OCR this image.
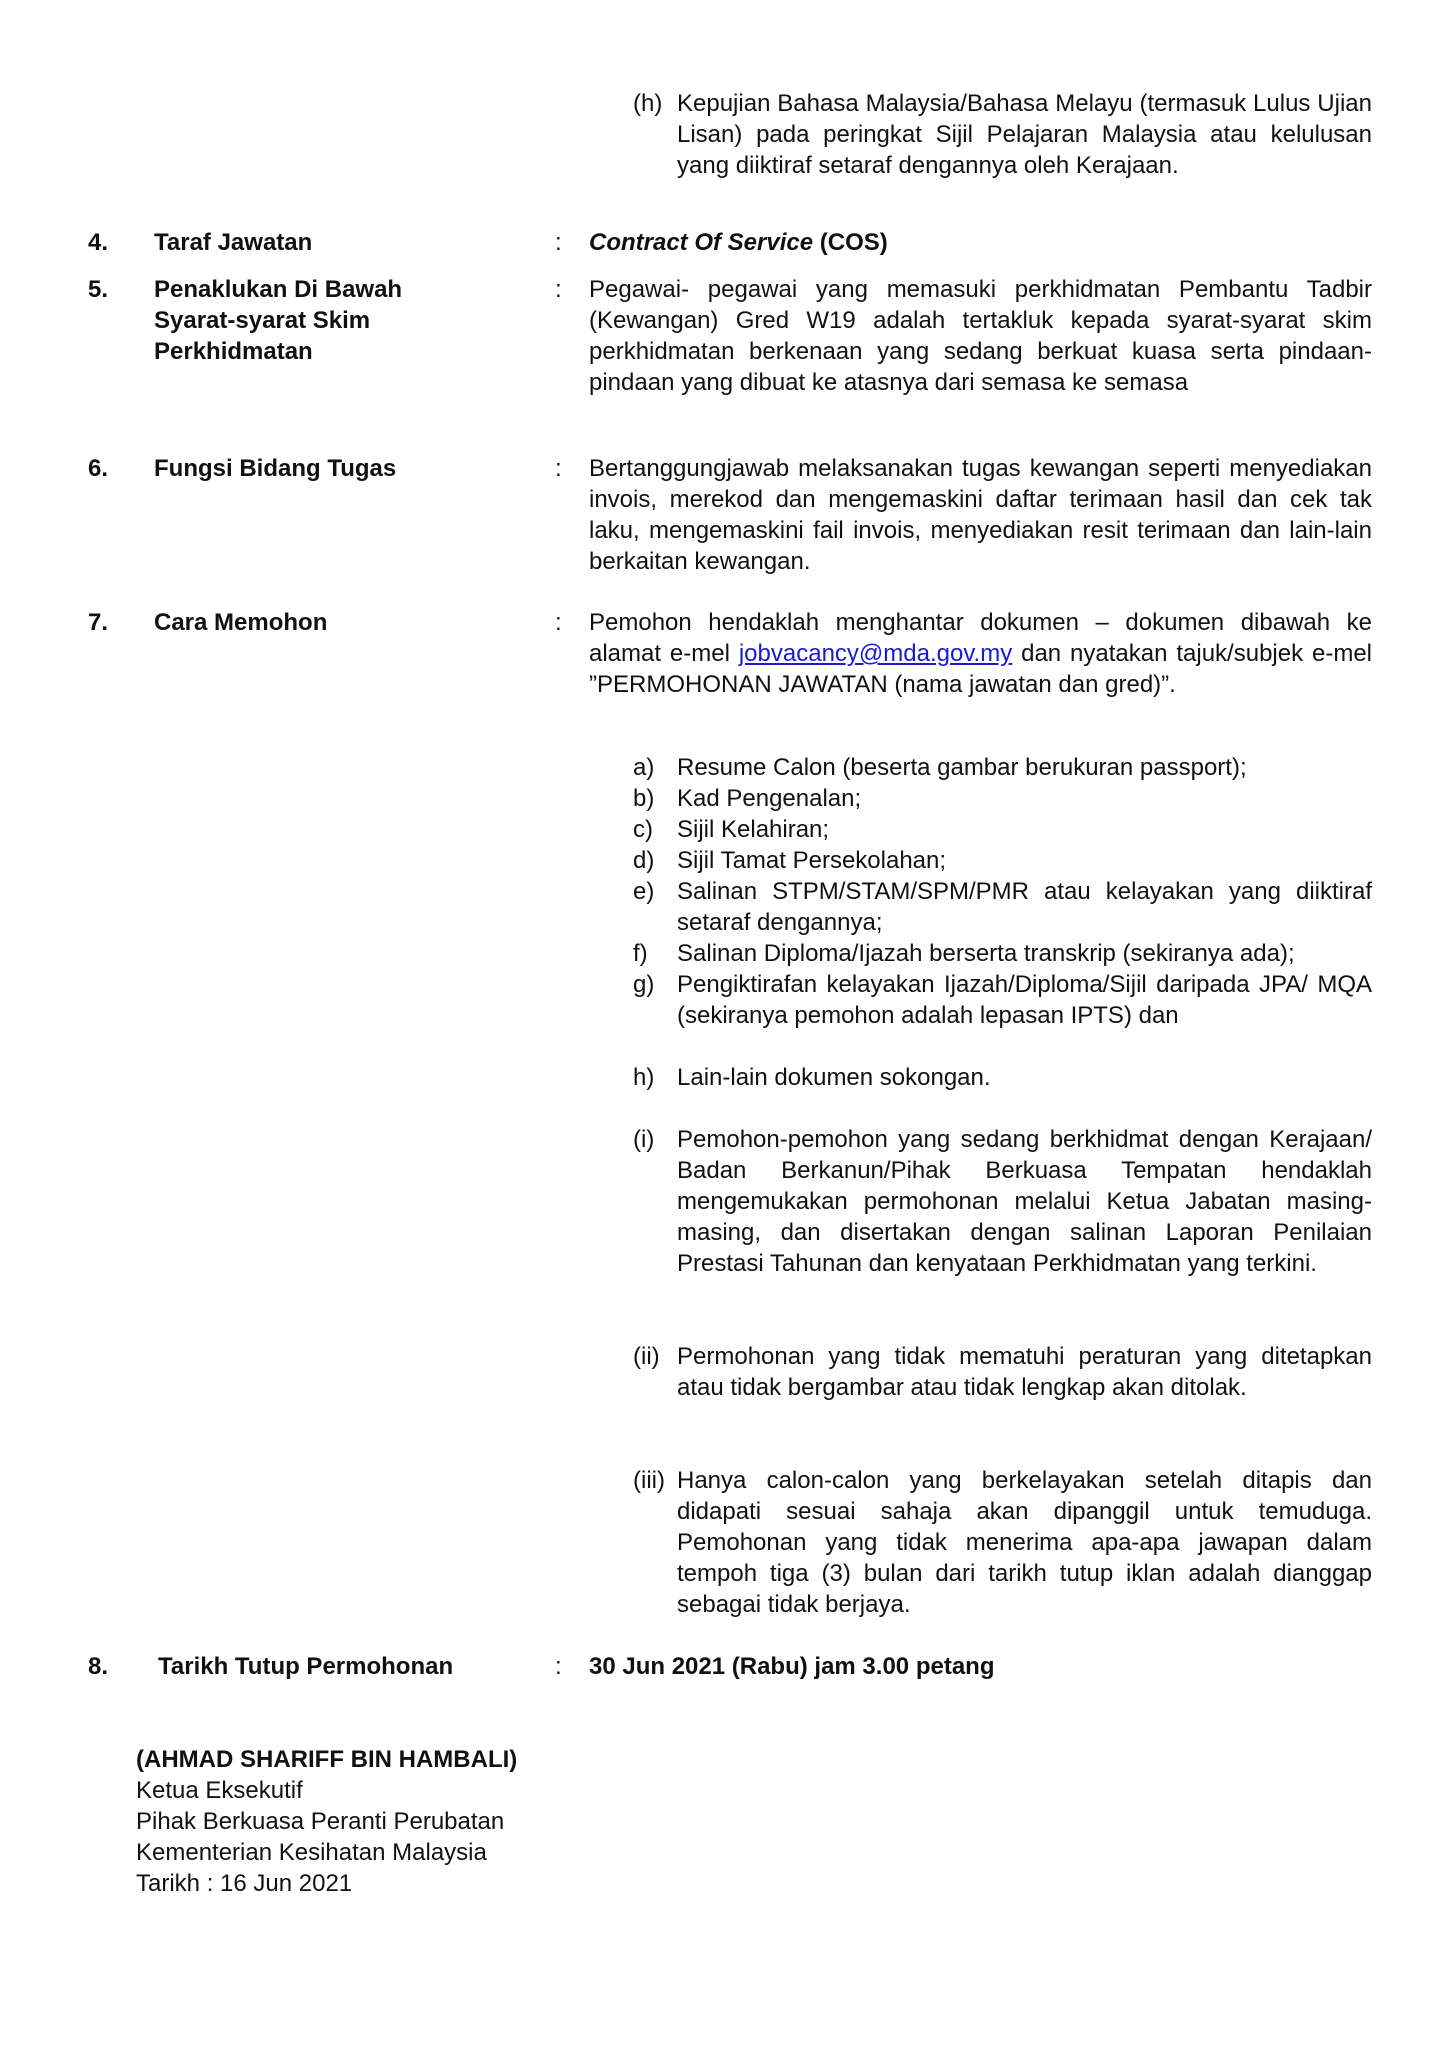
(h) Kepujian Bahasa Malaysia/Bahasa Melayu (termasuk Lulus Ujian Lisan) pada peringkat Sijil Pelajaran Malaysia atau kelulusan yang diiktiraf setaraf dengannya oleh Kerajaan.
4. Taraf Jawatan	: Contract Of Service (COS)
5. Penaklukan Di Bawah Syarat-syarat Skim Perkhidmatan
: Pegawai- pegawai yang memasuki perkhidmatan Pembantu Tadbir (Kewangan) Gred W19 adalah tertakluk kepada syarat-syarat skim perkhidmatan berkenaan yang sedang berkuat kuasa serta pindaan-pindaan yang dibuat ke atasnya dari semasa ke semasa
6. Fungsi Bidang Tugas	: Bertanggungjawab melaksanakan tugas kewangan seperti menyediakan invois, merekod dan mengemaskini daftar terimaan hasil dan cek tak laku, mengemaskini fail invois, menyediakan resit terimaan dan lain-lain berkaitan kewangan.
7. Cara Memohon	: Pemohon hendaklah menghantar dokumen – dokumen dibawah ke alamat e-mel jobvacancy@mda.gov.my dan nyatakan tajuk/subjek e-mel ”PERMOHONAN JAWATAN (nama jawatan dan gred)”.
a) Resume Calon (beserta gambar berukuran passport);
b) Kad Pengenalan;
c) Sijil Kelahiran;
d) Sijil Tamat Persekolahan;
e) Salinan STPM/STAM/SPM/PMR atau kelayakan yang diiktiraf setaraf dengannya;
f) Salinan Diploma/Ijazah berserta transkrip (sekiranya ada);
g) Pengiktirafan kelayakan Ijazah/Diploma/Sijil daripada JPA/ MQA (sekiranya pemohon adalah lepasan IPTS) dan
h) Lain-lain dokumen sokongan.
(i) Pemohon-pemohon yang sedang berkhidmat dengan Kerajaan/ Badan Berkanun/Pihak Berkuasa Tempatan hendaklah mengemukakan permohonan melalui Ketua Jabatan masing-masing, dan disertakan dengan salinan Laporan Penilaian Prestasi Tahunan dan kenyataan Perkhidmatan yang terkini.
(ii) Permohonan yang tidak mematuhi peraturan yang ditetapkan atau tidak bergambar atau tidak lengkap akan ditolak.
(iii) Hanya calon-calon yang berkelayakan setelah ditapis dan didapati sesuai sahaja akan dipanggil untuk temuduga. Pemohonan yang tidak menerima apa-apa jawapan dalam tempoh tiga (3) bulan dari tarikh tutup iklan adalah dianggap sebagai tidak berjaya.
8. Tarikh Tutup Permohonan	: 30 Jun 2021 (Rabu) jam 3.00 petang
(AHMAD SHARIFF BIN HAMBALI)
Ketua Eksekutif
Pihak Berkuasa Peranti Perubatan
Kementerian Kesihatan Malaysia
Tarikh : 16 Jun 2021
